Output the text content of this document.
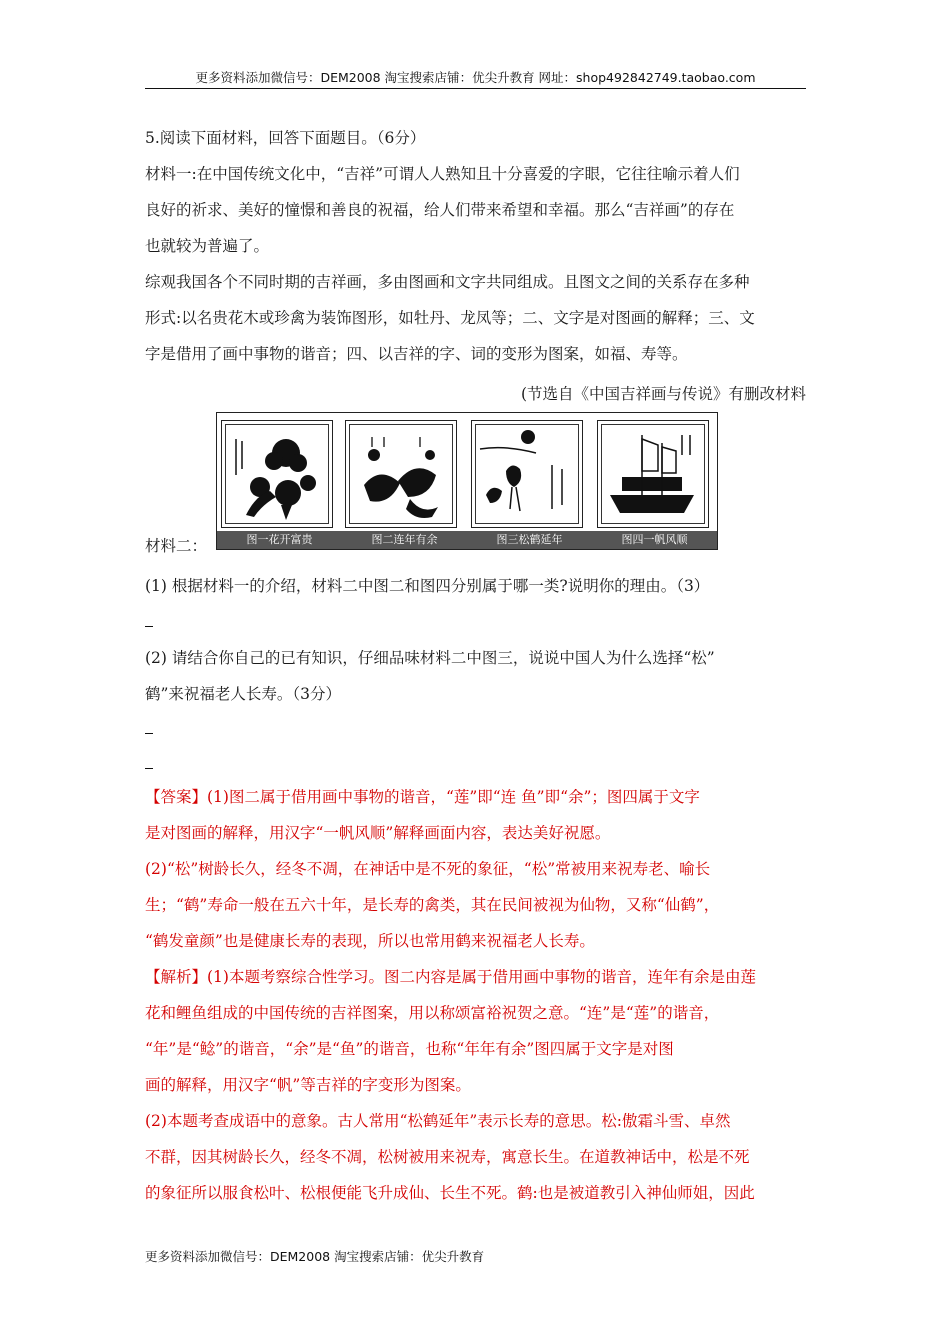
更多资料添加微信号：DEM2008 淘宝搜索店铺：优尖升教育 网址：shop492842749.taobao.com
5.阅读下面材料，回答下面题目。（6分）
材料一:在中国传统文化中，“吉祥”可谓人人熟知且十分喜爱的字眼，它往往喻示着人们
良好的祈求、美好的憧憬和善良的祝福，给人们带来希望和幸福。那么“吉祥画”的存在
也就较为普遍了。
综观我国各个不同时期的吉祥画，多由图画和文字共同组成。且图文之间的关系存在多种
形式:以名贵花木或珍禽为装饰图形，如牡丹、龙凤等；二、文字是对图画的解释；三、文
字是借用了画中事物的谐音；四、以吉祥的字、词的变形为图案，如福、寿等。
(节选自《中国吉祥画与传说》有删改材料
材料二：	图一花开富贵	图二连年有余	图三松鹤延年	图四一帆风顺
(1) 根据材料一的介绍，材料二中图二和图四分别属于哪一类?说明你的理由。（3）
(2) 请结合你自己的已有知识，仔细品味材料二中图三，说说中国人为什么选择“松”
鹤”来祝福老人长寿。（3分）
【答案】(1)图二属于借用画中事物的谐音，“莲”即“连 鱼”即“余”；图四属于文字
是对图画的解释，用汉字“一帆风顺”解释画面内容，表达美好祝愿。
(2)“松”树龄长久，经冬不凋，在神话中是不死的象征，“松”常被用来祝寿老、喻长
生；“鹤”寿命一般在五六十年，是长寿的禽类，其在民间被视为仙物，又称“仙鹤”，
“鹤发童颜”也是健康长寿的表现，所以也常用鹤来祝福老人长寿。
【解析】(1)本题考察综合性学习。图二内容是属于借用画中事物的谐音，连年有余是由莲
花和鲤鱼组成的中国传统的吉祥图案，用以称颂富裕祝贺之意。“连”是“莲”的谐音，
“年”是“鲶”的谐音，“余”是“鱼”的谐音，也称“年年有余”图四属于文字是对图
画的解释，用汉字“帆”等吉祥的字变形为图案。
(2)本题考查成语中的意象。古人常用“松鹤延年”表示长寿的意思。松:傲霜斗雪、卓然
不群，因其树龄长久，经冬不凋，松树被用来祝寿，寓意长生。在道教神话中，松是不死
的象征所以服食松叶、松根便能飞升成仙、长生不死。鹤:也是被道教引入神仙师姐，因此
更多资料添加微信号：DEM2008 淘宝搜索店铺：优尖升教育
